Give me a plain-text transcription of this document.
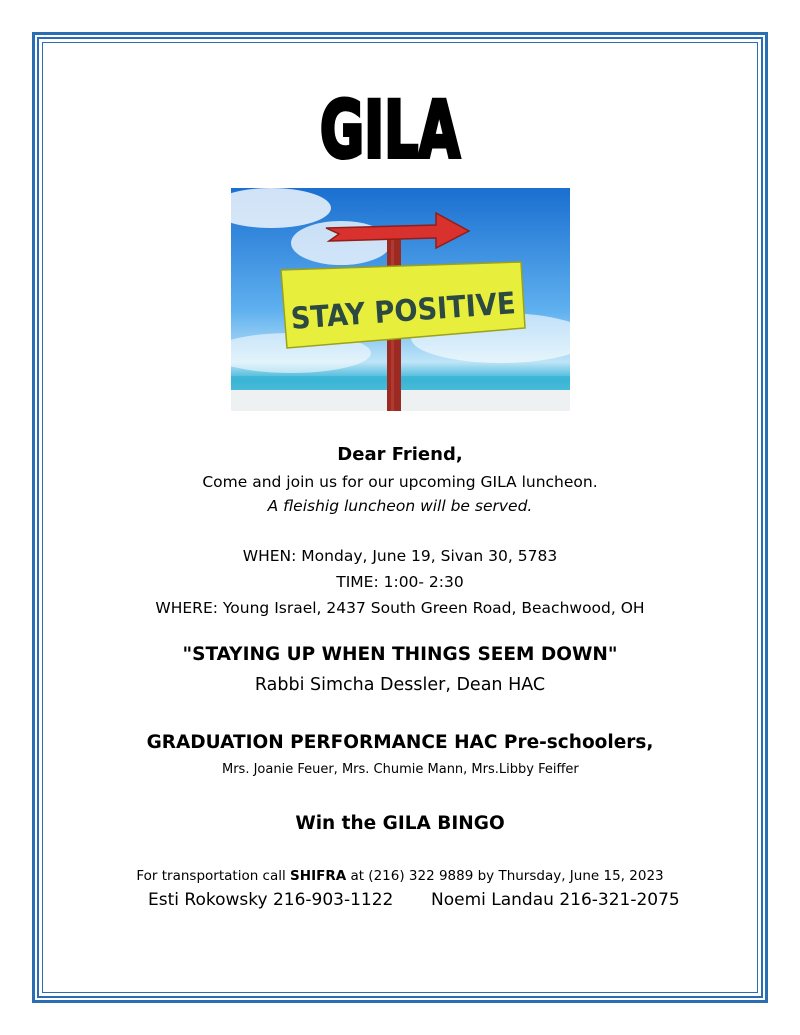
GILA
STAY POSITIVE
Dear Friend,
Come and join us for our upcoming GILA luncheon.
A fleishig luncheon will be served.
WHEN: Monday, June 19, Sivan 30, 5783
TIME: 1:00- 2:30
WHERE: Young Israel, 2437 South Green Road, Beachwood, OH
"STAYING UP WHEN THINGS SEEM DOWN"
Rabbi Simcha Dessler, Dean HAC
GRADUATION PERFORMANCE HAC Pre-schoolers,
Mrs. Joanie Feuer, Mrs. Chumie Mann, Mrs.Libby Feiffer
Win the GILA BINGO
For transportation call SHIFRA at (216) 322 9889 by Thursday, June 15, 2023
Esti Rokowsky 216-903-1122 Noemi Landau 216-321-2075
